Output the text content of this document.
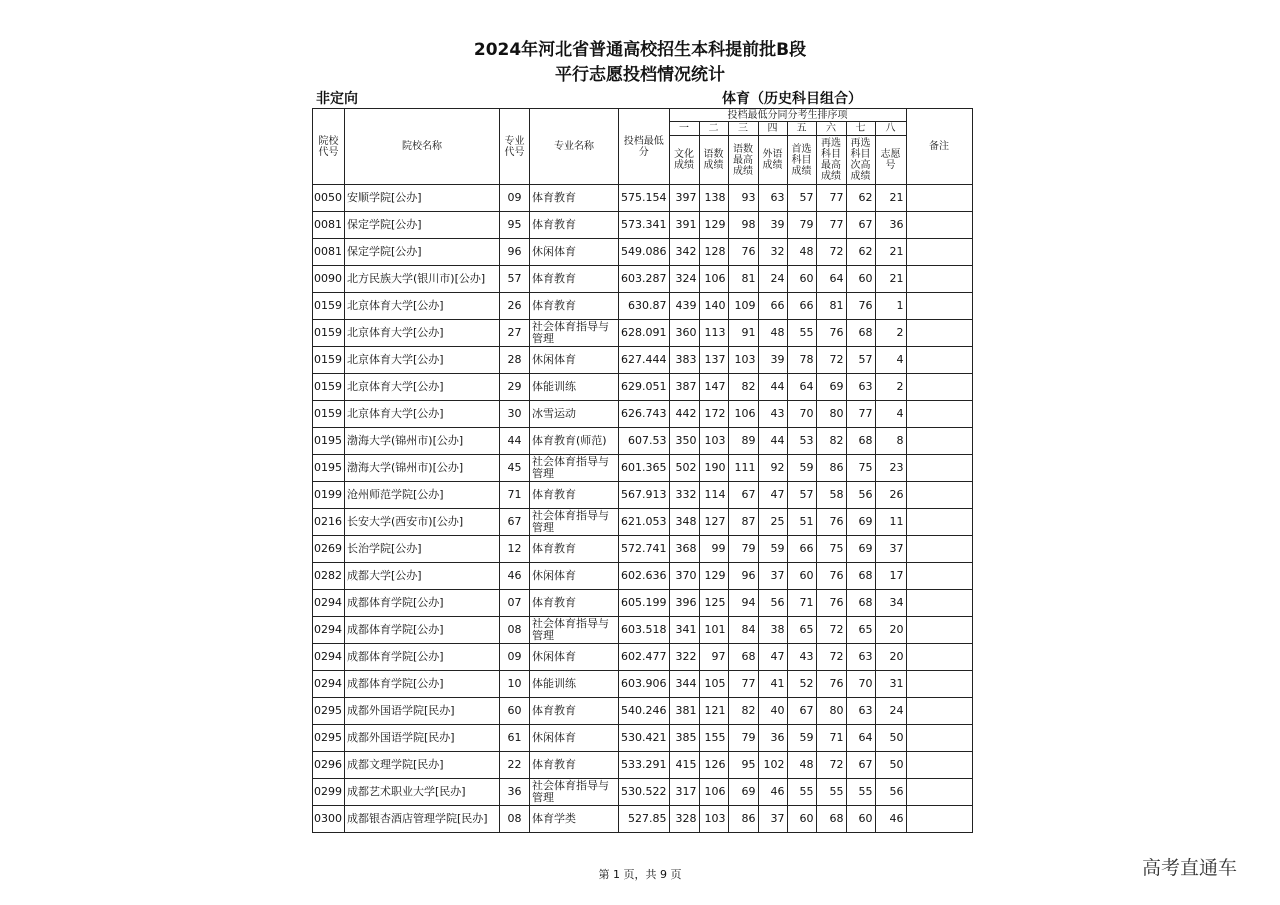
2024年河北省普通高校招生本科提前批B段
平行志愿投档情况统计
非定向	体育（历史科目组合）
院校代号	院校名称	专业代号	专业名称	投档最低分	投档最低分同分考生排序项								备注
					一	二	三	四	五	六	七	八	
					文化成绩	语数成绩	语数最高成绩	外语成绩	首选科目成绩	再选科目最高成绩	再选科目次高成绩	志愿号	
0050	安顺学院[公办]	09	体育教育	575.154	397	138	93	63	57	77	62	21	
0081	保定学院[公办]	95	体育教育	573.341	391	129	98	39	79	77	67	36	
0081	保定学院[公办]	96	休闲体育	549.086	342	128	76	32	48	72	62	21	
0090	北方民族大学(银川市)[公办]	57	体育教育	603.287	324	106	81	24	60	64	60	21	
0159	北京体育大学[公办]	26	体育教育	630.87	439	140	109	66	66	81	76	1	
0159	北京体育大学[公办]	27	社会体育指导与管理	628.091	360	113	91	48	55	76	68	2	
0159	北京体育大学[公办]	28	休闲体育	627.444	383	137	103	39	78	72	57	4	
0159	北京体育大学[公办]	29	体能训练	629.051	387	147	82	44	64	69	63	2	
0159	北京体育大学[公办]	30	冰雪运动	626.743	442	172	106	43	70	80	77	4	
0195	渤海大学(锦州市)[公办]	44	体育教育(师范)	607.53	350	103	89	44	53	82	68	8	
0195	渤海大学(锦州市)[公办]	45	社会体育指导与管理	601.365	502	190	111	92	59	86	75	23	
0199	沧州师范学院[公办]	71	体育教育	567.913	332	114	67	47	57	58	56	26	
0216	长安大学(西安市)[公办]	67	社会体育指导与管理	621.053	348	127	87	25	51	76	69	11	
0269	长治学院[公办]	12	体育教育	572.741	368	99	79	59	66	75	69	37	
0282	成都大学[公办]	46	休闲体育	602.636	370	129	96	37	60	76	68	17	
0294	成都体育学院[公办]	07	体育教育	605.199	396	125	94	56	71	76	68	34	
0294	成都体育学院[公办]	08	社会体育指导与管理	603.518	341	101	84	38	65	72	65	20	
0294	成都体育学院[公办]	09	休闲体育	602.477	322	97	68	47	43	72	63	20	
0294	成都体育学院[公办]	10	体能训练	603.906	344	105	77	41	52	76	70	31	
0295	成都外国语学院[民办]	60	体育教育	540.246	381	121	82	40	67	80	63	24	
0295	成都外国语学院[民办]	61	休闲体育	530.421	385	155	79	36	59	71	64	50	
0296	成都文理学院[民办]	22	体育教育	533.291	415	126	95	102	48	72	67	50	
0299	成都艺术职业大学[民办]	36	社会体育指导与管理	530.522	317	106	69	46	55	55	55	56	
0300	成都银杏酒店管理学院[民办]	08	体育学类	527.85	328	103	86	37	60	68	60	46	
第 1 页，共 9 页	高考直通车
